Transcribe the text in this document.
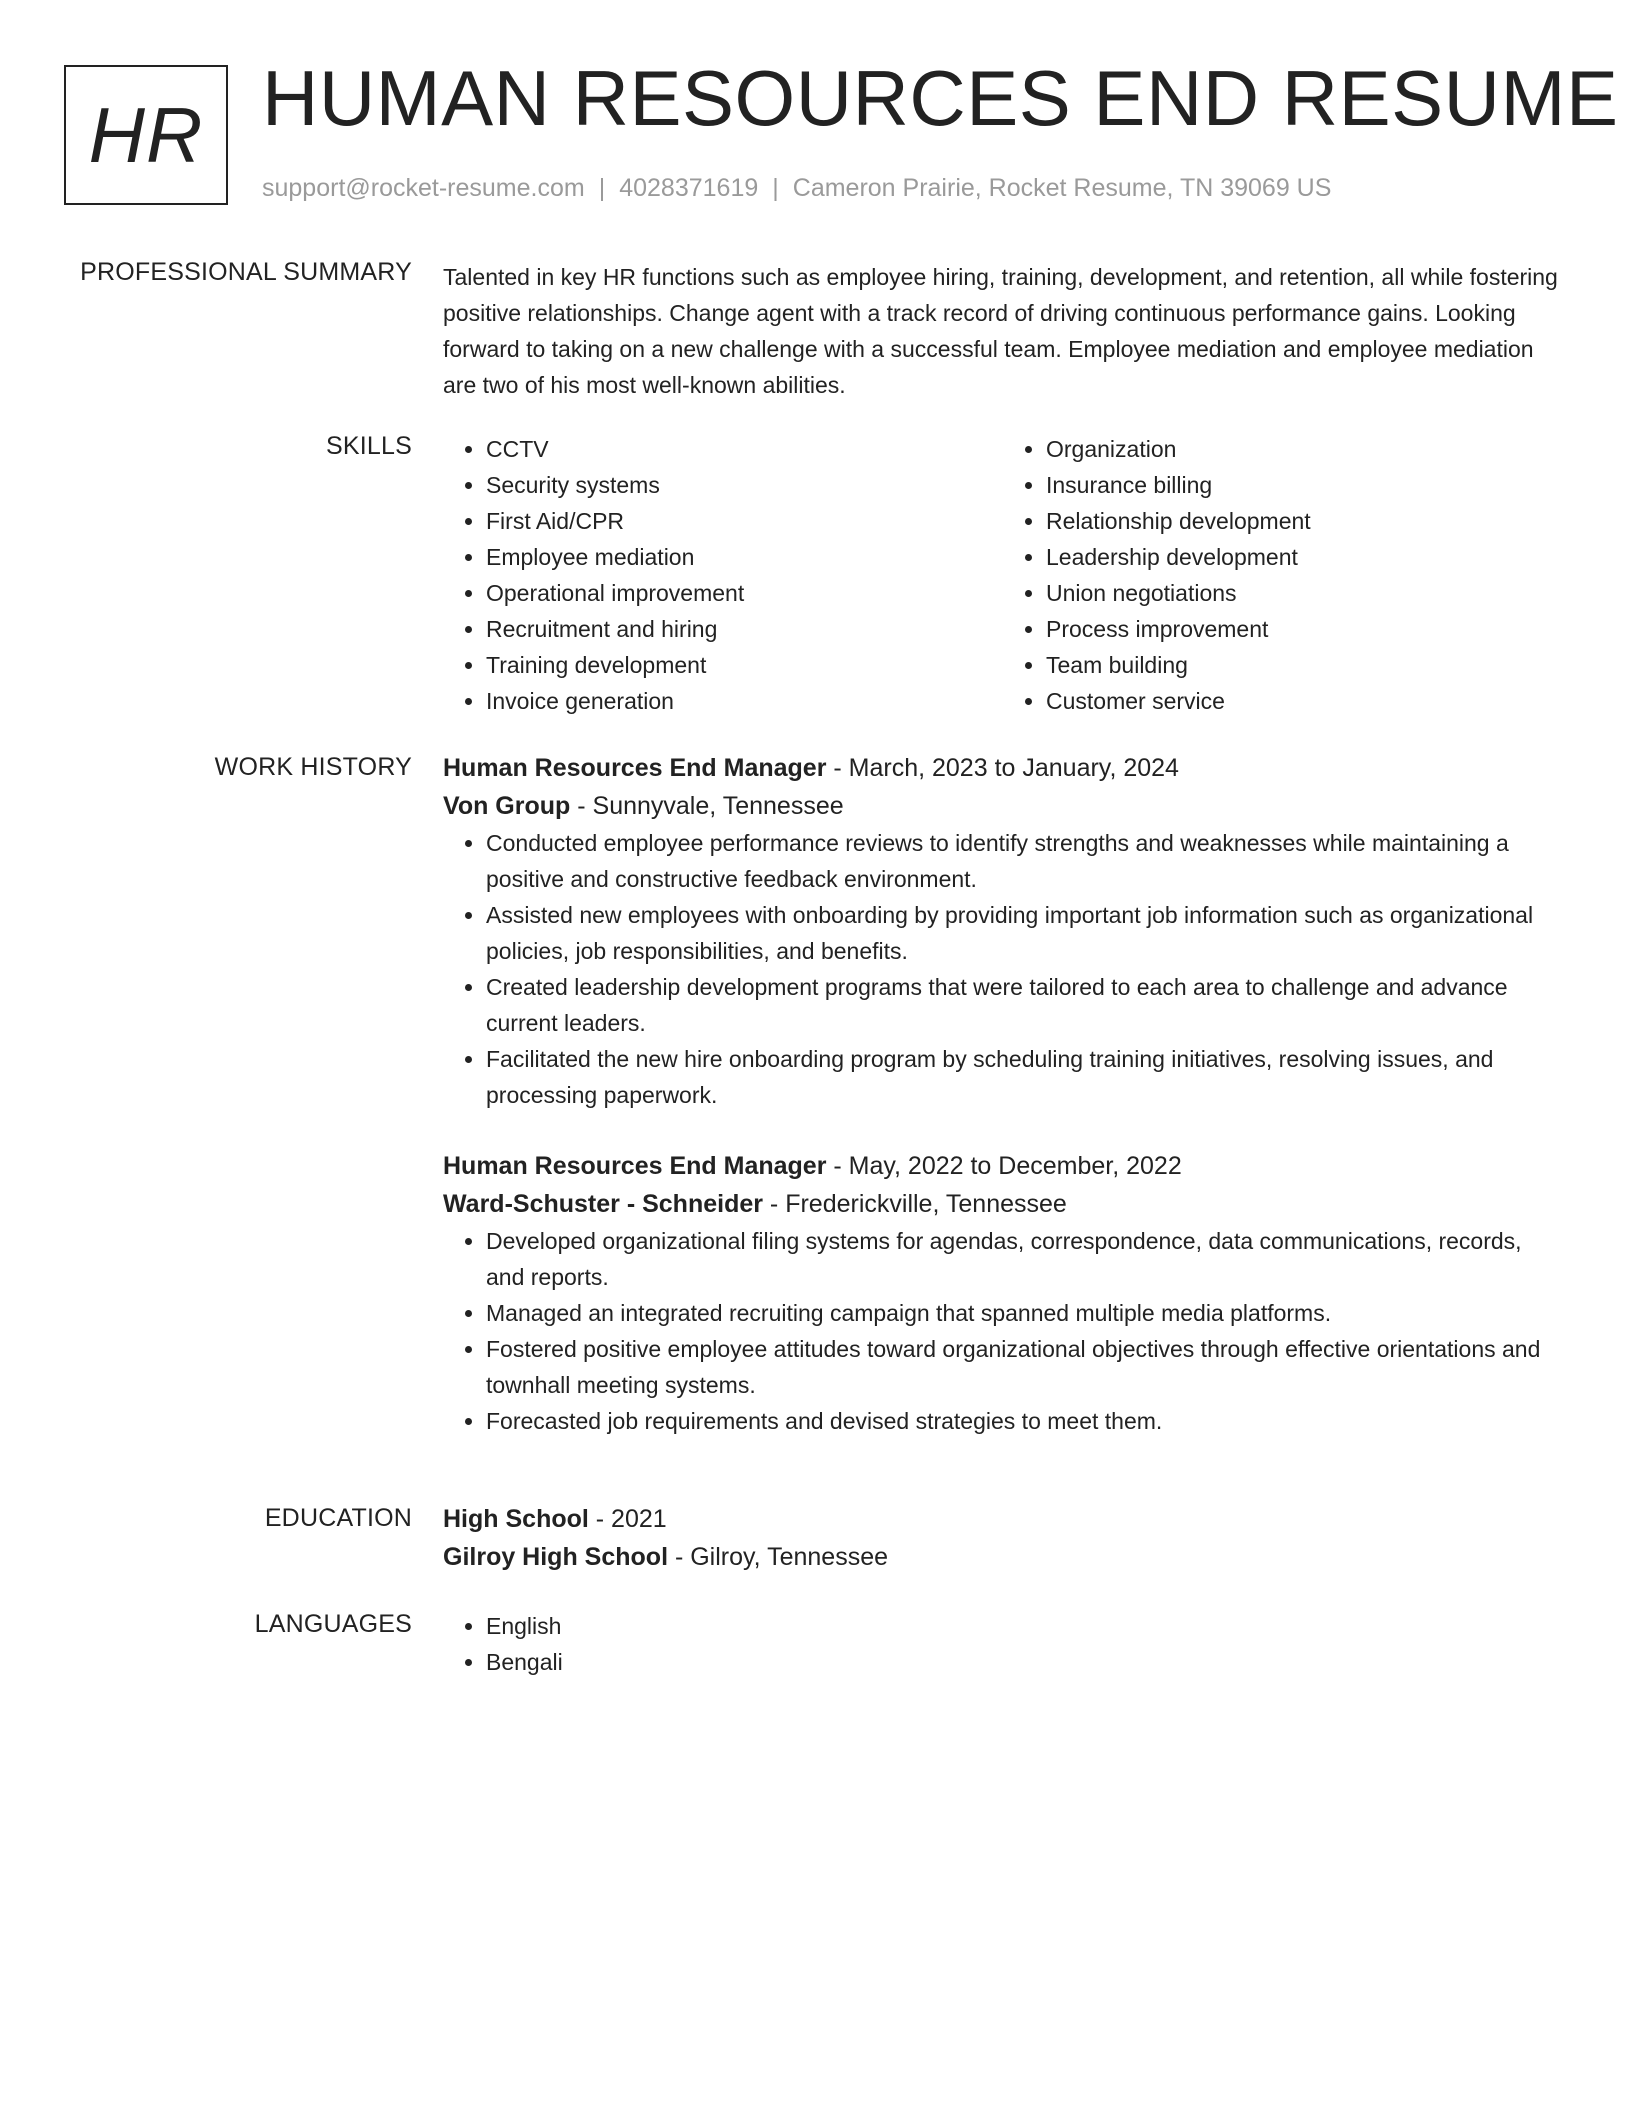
HR HUMAN RESOURCES END RESUME
support@rocket-resume.com | 4028371619 | Cameron Prairie, Rocket Resume, TN 39069 US
PROFESSIONAL SUMMARY Talented in key HR functions such as employee hiring, training, development, and retention, all while fostering positive relationships. Change agent with a track record of driving continuous performance gains. Looking forward to taking on a new challenge with a successful team. Employee mediation and employee mediation are two of his most well-known abilities.

SKILLS	• CCTV
• Security systems
• First Aid/CPR
• Employee mediation
• Operational improvement
• Recruitment and hiring
• Training development
• Invoice generation
• Organization
• Insurance billing
• Relationship development
• Leadership development
• Union negotiations
• Process improvement
• Team building
• Customer service
WORK HISTORY Human Resources End Manager - March, 2023 to January, 2024
Von Group - Sunnyvale, Tennessee
• Conducted employee performance reviews to identify strengths and weaknesses while maintaining a positive and constructive feedback environment.
• Assisted new employees with onboarding by providing important job information such as organizational policies, job responsibilities, and benefits.
• Created leadership development programs that were tailored to each area to challenge and advance current leaders.
• Facilitated the new hire onboarding program by scheduling training initiatives, resolving issues, and processing paperwork.
Human Resources End Manager - May, 2022 to December, 2022
Ward-Schuster - Schneider - Frederickville, Tennessee
• Developed organizational filing systems for agendas, correspondence, data communications, records, and reports.
• Managed an integrated recruiting campaign that spanned multiple media platforms.
• Fostered positive employee attitudes toward organizational objectives through effective orientations and townhall meeting systems.
• Forecasted job requirements and devised strategies to meet them.
EDUCATION High School - 2021
Gilroy High School - Gilroy, Tennessee
LANGUAGES	• English
• Bengali
